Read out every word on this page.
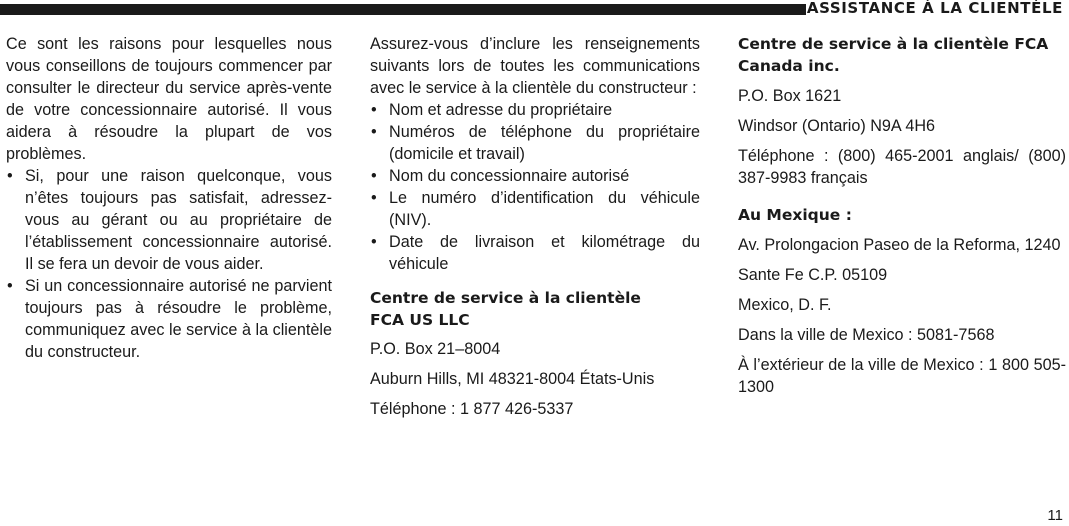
ASSISTANCE À LA CLIENTÈLE

Ce sont les raisons pour lesquelles nous vous conseillons de toujours commencer par consulter le directeur du service après-vente de votre concessionnaire autorisé. Il vous aidera à résoudre la plupart de vos problèmes.

• Si, pour une raison quelconque, vous n’êtes toujours pas satisfait, adressez-vous au gérant ou au propriétaire de l’établissement concessionnaire autorisé. Il se fera un devoir de vous aider.
• Si un concessionnaire autorisé ne parvient toujours pas à résoudre le problème, communiquez avec le service à la clientèle du constructeur.

Assurez-vous d’inclure les renseignements suivants lors de toutes les communications avec le service à la clientèle du constructeur :

• Nom et adresse du propriétaire
• Numéros de téléphone du propriétaire (domicile et travail)
• Nom du concessionnaire autorisé
• Le numéro d’identification du véhicule (NIV).
• Date de livraison et kilométrage du véhicule

Centre de service à la clientèle

FCA US LLC

P.O. Box 21–8004

Auburn Hills, MI 48321-8004 États-Unis

Téléphone : 1 877 426-5337

Centre de service à la clientèle FCA Canada inc.

P.O. Box 1621

Windsor (Ontario) N9A 4H6

Téléphone : (800) 465-2001 anglais/ (800) 387-9983 français

Au Mexique :

Av. Prolongacion Paseo de la Reforma, 1240

Sante Fe C.P. 05109

Mexico, D. F.

Dans la ville de Mexico : 5081-7568

À l’extérieur de la ville de Mexico : 1 800 505-1300

11
